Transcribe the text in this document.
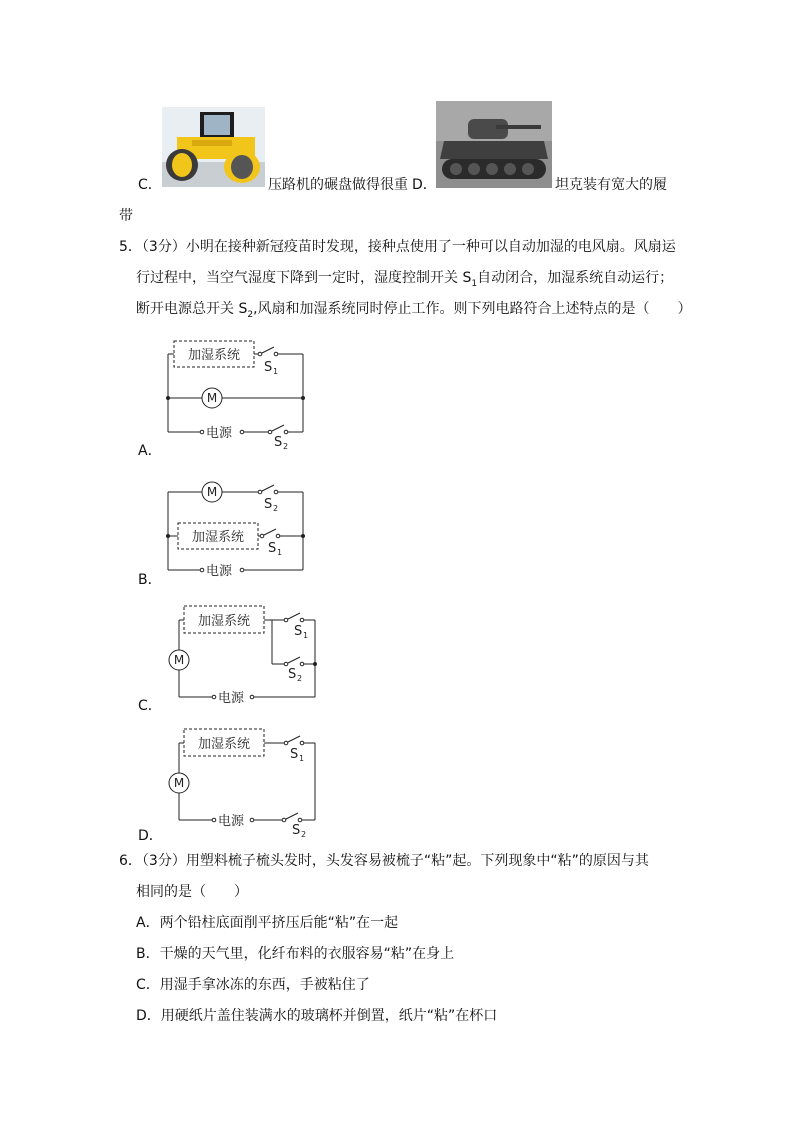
C．	压路机的碾盘做得很重 D．	坦克装有宽大的履
带
5．（3分）小明在接种新冠疫苗时发现，接种点使用了一种可以自动加湿的电风扇。风扇运
行过程中，当空气湿度下降到一定时，湿度控制开关 $S_1$自动闭合，加湿系统自动运行；
断开电源总开关 $S_2$,风扇和加湿系统同时停止工作。则下列电路符合上述特点的是（　　）
加湿系统
S 1
M
电源
S 2
A．
M
S 2
加湿系统
S 1
电源
B．
加湿系统
S 1
S 2
M
电源
C．
加湿系统
S 1
M
电源
S 2
D．
6．（3分）用塑料梳子梳头发时，头发容易被梳子“粘”起。下列现象中“粘”的原因与其
相同的是（　　）
A．两个铅柱底面削平挤压后能“粘”在一起
B．干燥的天气里，化纤布料的衣服容易“粘”在身上
C．用湿手拿冰冻的东西，手被粘住了
D．用硬纸片盖住装满水的玻璃杯并倒置，纸片“粘”在杯口
